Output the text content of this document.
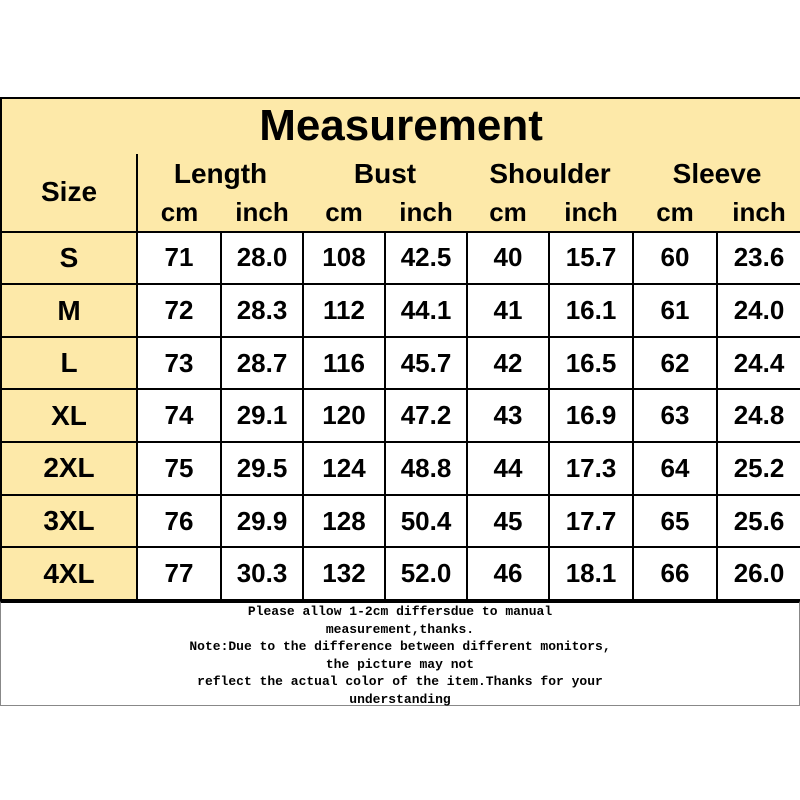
Measurement								
Size	Length		Bust		Shoulder		Sleeve	
	cm	inch	cm	inch	cm	inch	cm	inch
S	71	28.0	108	42.5	40	15.7	60	23.6
M	72	28.3	112	44.1	41	16.1	61	24.0
L	73	28.7	116	45.7	42	16.5	62	24.4
XL	74	29.1	120	47.2	43	16.9	63	24.8
2XL	75	29.5	124	48.8	44	17.3	64	25.2
3XL	76	29.9	128	50.4	45	17.7	65	25.6
4XL	77	30.3	132	52.0	46	18.1	66	26.0
Please allow 1-2cm differsdue to manual
measurement,thanks.
Note:Due to the difference between different monitors,
the picture may not
reflect the actual color of the item.Thanks for your
understanding
